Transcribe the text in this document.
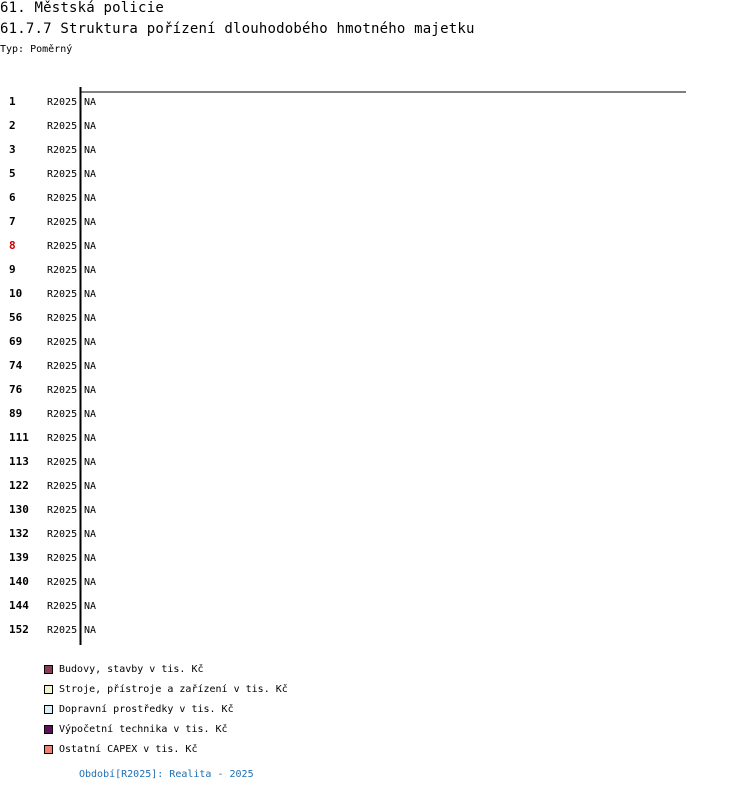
61. Městská policie
61.7.7 Struktura pořízení dlouhodobého hmotného majetku
Typ: Poměrný
1	R2025 NA
2	R2025 NA
3	R2025 NA
5	R2025 NA
6	R2025 NA
7	R2025 NA
8	R2025 NA
9	R2025 NA
10 R2025 NA
56 R2025 NA
69 R2025 NA
74 R2025 NA
76 R2025 NA
89 R2025 NA
111 R2025 NA
113 R2025 NA
122 R2025 NA
130 R2025 NA
132 R2025 NA
139 R2025 NA
140 R2025 NA
144 R2025 NA
152 R2025 NA
Budovy, stavby v tis. Kč
Stroje, přístroje a zařízení v tis. Kč
Dopravní prostředky v tis. Kč
Výpočetní technika v tis. Kč
Ostatní CAPEX v tis. Kč
Období[R2025]: Realita - 2025
